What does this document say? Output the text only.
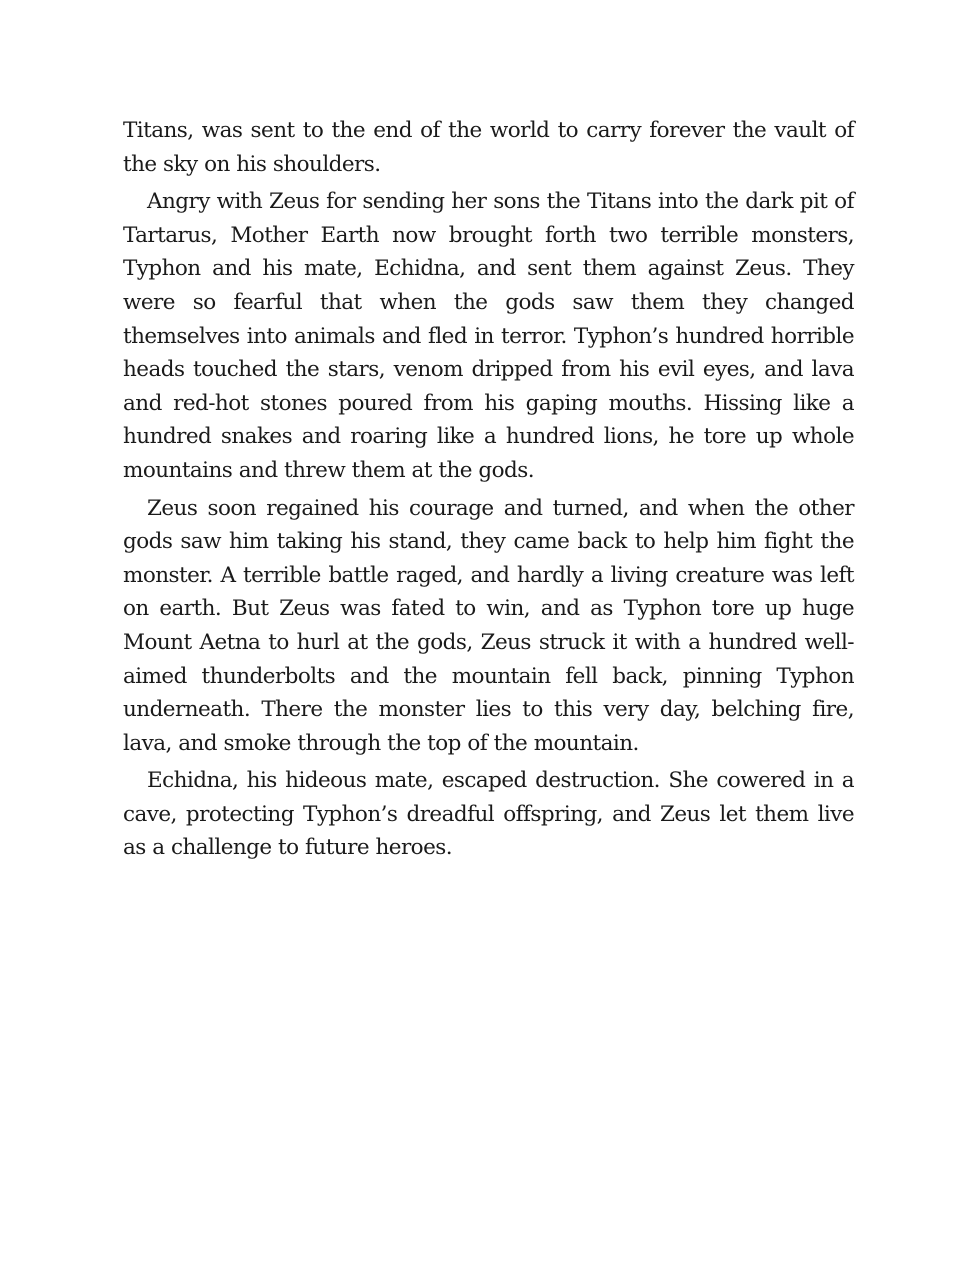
Titans, was sent to the end of the world to carry forever the vault of the sky on his shoulders.

Angry with Zeus for sending her sons the Titans into the dark pit of Tartarus, Mother Earth now brought forth two terrible monsters, Typhon and his mate, Echidna, and sent them against Zeus. They were so fearful that when the gods saw them they changed themselves into animals and fled in terror. Typhon’s hundred horrible heads touched the stars, venom dripped from his evil eyes, and lava and red-hot stones poured from his gaping mouths. Hissing like a hundred snakes and roaring like a hundred lions, he tore up whole mountains and threw them at the gods.

Zeus soon regained his courage and turned, and when the other gods saw him taking his stand, they came back to help him fight the monster. A terrible battle raged, and hardly a living creature was left on earth. But Zeus was fated to win, and as Typhon tore up huge Mount Aetna to hurl at the gods, Zeus struck it with a hundred well-aimed thunderbolts and the mountain fell back, pinning Typhon underneath. There the monster lies to this very day, belching fire, lava, and smoke through the top of the mountain.

Echidna, his hideous mate, escaped destruction. She cowered in a cave, protecting Typhon’s dreadful offspring, and Zeus let them live as a challenge to future heroes.
